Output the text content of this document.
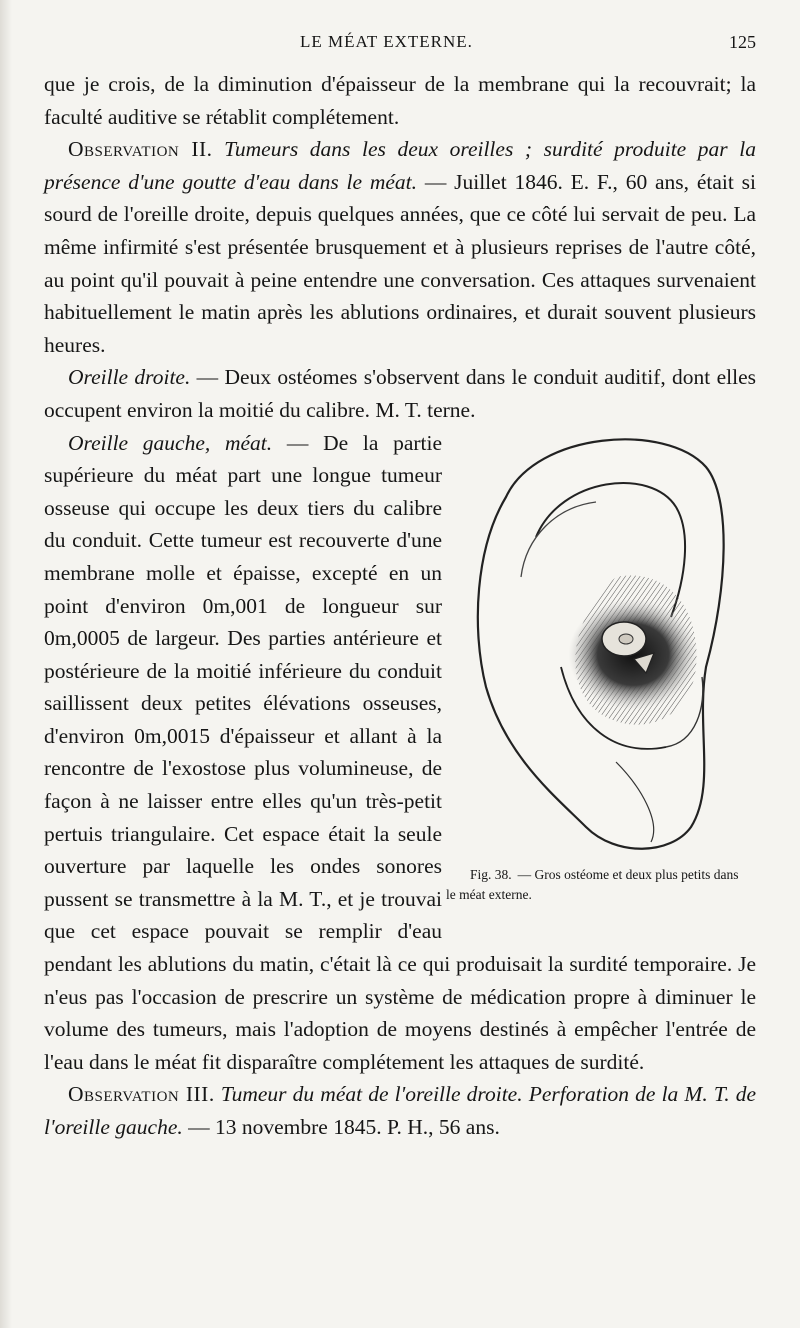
LE MÉAT EXTERNE.	125

que je crois, de la diminution d'épaisseur de la membrane qui la recouvrait; la faculté auditive se rétablit complétement.

Observation II. Tumeurs dans les deux oreilles ; surdité produite par la présence d'une goutte d'eau dans le méat. — Juillet 1846. E. F., 60 ans, était si sourd de l'oreille droite, depuis quelques années, que ce côté lui servait de peu. La même infirmité s'est présentée brusquement et à plusieurs reprises de l'autre côté, au point qu'il pouvait à peine entendre une conversation. Ces attaques survenaient habituellement le matin après les ablutions ordinaires, et durait souvent plusieurs heures.

Oreille droite. — Deux ostéomes s'observent dans le conduit auditif, dont elles occupent environ la moitié du calibre. M. T. terne.

Fig. 38. — Gros ostéome et deux plus petits dans le méat externe.
Oreille gauche, méat. — De la partie supérieure du méat part une longue tumeur osseuse qui occupe les deux tiers du calibre du conduit. Cette tumeur est recouverte d'une membrane molle et épaisse, excepté en un point d'environ 0m,001 de longueur sur 0m,0005 de largeur. Des parties antérieure et postérieure de la moitié inférieure du conduit saillissent deux petites élévations osseuses, d'environ 0m,0015 d'épaisseur et allant à la rencontre de l'exostose plus volumineuse, de façon à ne laisser entre elles qu'un très-petit pertuis triangulaire. Cet espace était la seule ouverture par laquelle les ondes sonores pussent se transmettre à la M. T., et je trouvai que cet espace pouvait se remplir d'eau pendant les ablutions du matin, c'était là ce qui produisait la surdité temporaire. Je n'eus pas l'occasion de prescrire un système de médication propre à diminuer le volume des tumeurs, mais l'adoption de moyens destinés à empêcher l'entrée de l'eau dans le méat fit disparaître complétement les attaques de surdité.

Observation III. Tumeur du méat de l'oreille droite. Perforation de la M. T. de l'oreille gauche. — 13 novembre 1845. P. H., 56 ans.
